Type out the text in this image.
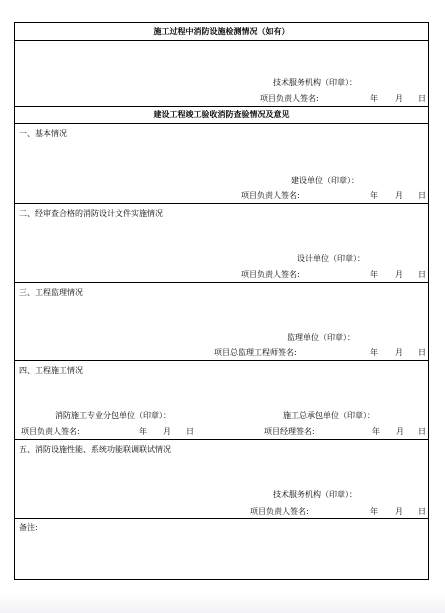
施工过程中消防设施检测情况（如有）
技术服务机构（印章）：
项目负责人签名:	年 月 日
建设工程竣工验收消防查验情况及意见
一、基本情况
建设单位（印章）：
项目负责人签名:	年 月 日
二、经审查合格的消防设计文件实施情况
设计单位（印章）：
项目负责人签名:	年 月 日
三、工程监理情况
监理单位（印章）：
项目总监理工程师签名:	年 月 日
四、工程施工情况
消防施工专业分包单位（印章）：	施工总承包单位（印章）：
项目负责人签名:	年 月 日	项目经理签名:	年 月 日
五、消防设施性能、系统功能联调联试情况
技术服务机构（印章）：
项目负责人签名:	年 月 日
备注:
